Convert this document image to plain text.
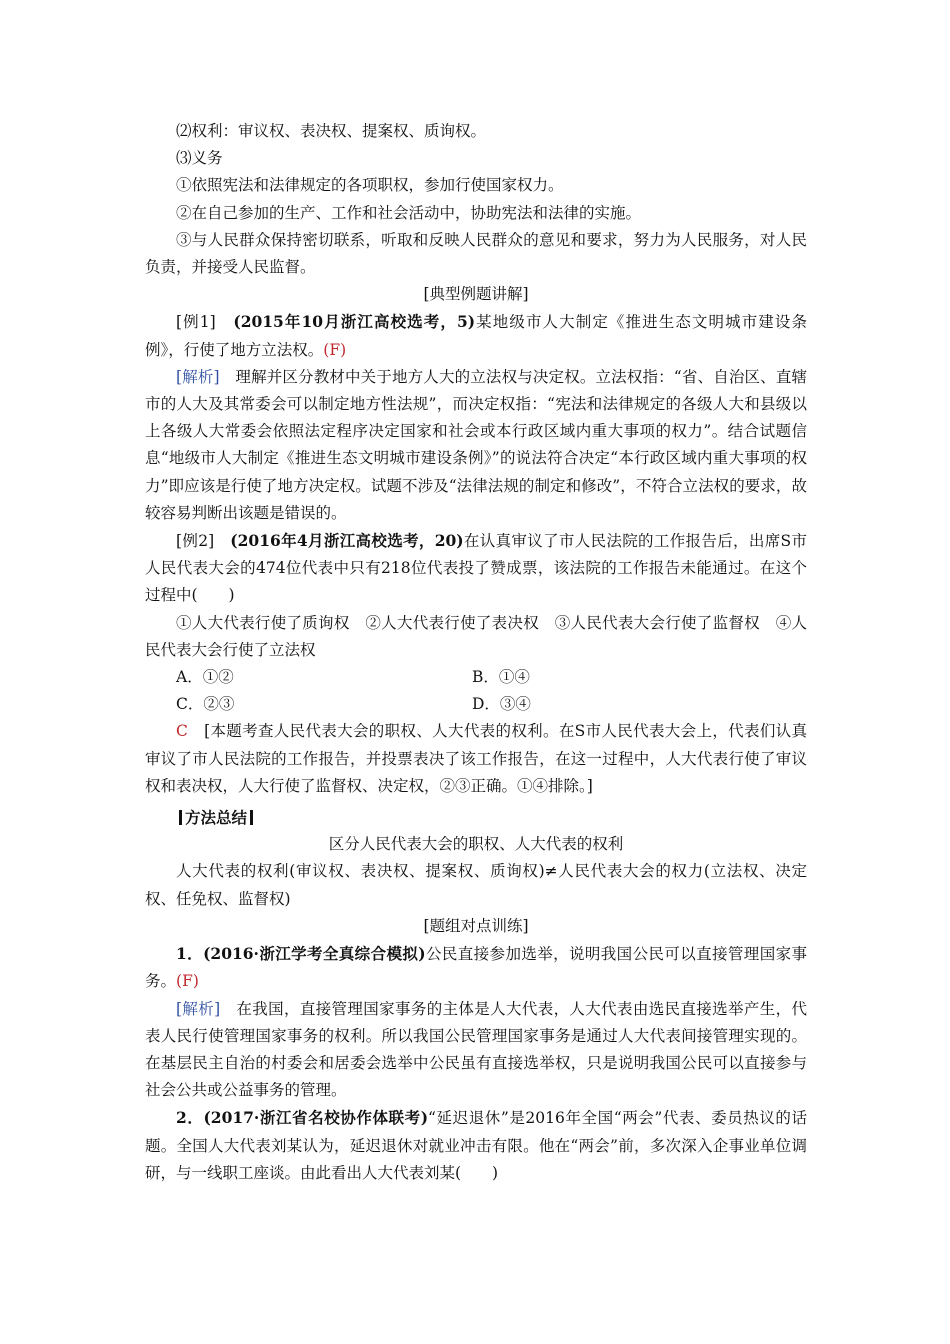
⑵权利：审议权、表决权、提案权、质询权。

⑶义务

①依照宪法和法律规定的各项职权，参加行使国家权力。

②在自己参加的生产、工作和社会活动中，协助宪法和法律的实施。

③与人民群众保持密切联系，听取和反映人民群众的意见和要求，努力为人民服务，对人民负责，并接受人民监督。

[典型例题讲解]

[例1]　 (2015年10月浙江高校选考，5)某地级市人大制定《推进生态文明城市建设条例》，行使了地方立法权。(F)

[解析]　 理解并区分教材中关于地方人大的立法权与决定权。立法权指：“省、自治区、直辖市的人大及其常委会可以制定地方性法规”，而决定权指：“宪法和法律规定的各级人大和县级以上各级人大常委会依照法定程序决定国家和社会或本行政区域内重大事项的权力”。结合试题信息“地级市人大制定《推进生态文明城市建设条例》”的说法符合决定“本行政区域内重大事项的权力”即应该是行使了地方决定权。试题不涉及“法律法规的制定和修改”，不符合立法权的要求，故较容易判断出该题是错误的。

[例2]　 (2016年4月浙江高校选考，20)在认真审议了市人民法院的工作报告后，出席S市人民代表大会的474位代表中只有218位代表投了赞成票，该法院的工作报告未能通过。在这个过程中(　　)

①人大代表行使了质询权　②人大代表行使了表决权　③人民代表大会行使了监督权　④人民代表大会行使了立法权

A．①②	B．①④
C．②③	D．③④

C　 [本题考查人民代表大会的职权、人大代表的权利。在S市人民代表大会上，代表们认真审议了市人民法院的工作报告，并投票表决了该工作报告，在这一过程中，人大代表行使了审议权和表决权，人大行使了监督权、决定权，②③正确。①④排除。]

方法总结

区分人民代表大会的职权、人大代表的权利

人大代表的权利(审议权、表决权、提案权、质询权)≠人民代表大会的权力(立法权、决定权、任免权、监督权)

[题组对点训练]

1．(2016·浙江学考全真综合模拟)公民直接参加选举，说明我国公民可以直接管理国家事务。(F)

[解析]　 在我国，直接管理国家事务的主体是人大代表，人大代表由选民直接选举产生，代表人民行使管理国家事务的权利。所以我国公民管理国家事务是通过人大代表间接管理实现的。在基层民主自治的村委会和居委会选举中公民虽有直接选举权，只是说明我国公民可以直接参与社会公共或公益事务的管理。

2．(2017·浙江省名校协作体联考)“延迟退休”是2016年全国“两会”代表、委员热议的话题。全国人大代表刘某认为，延迟退休对就业冲击有限。他在“两会”前，多次深入企事业单位调研，与一线职工座谈。由此看出人大代表刘某(　　)
